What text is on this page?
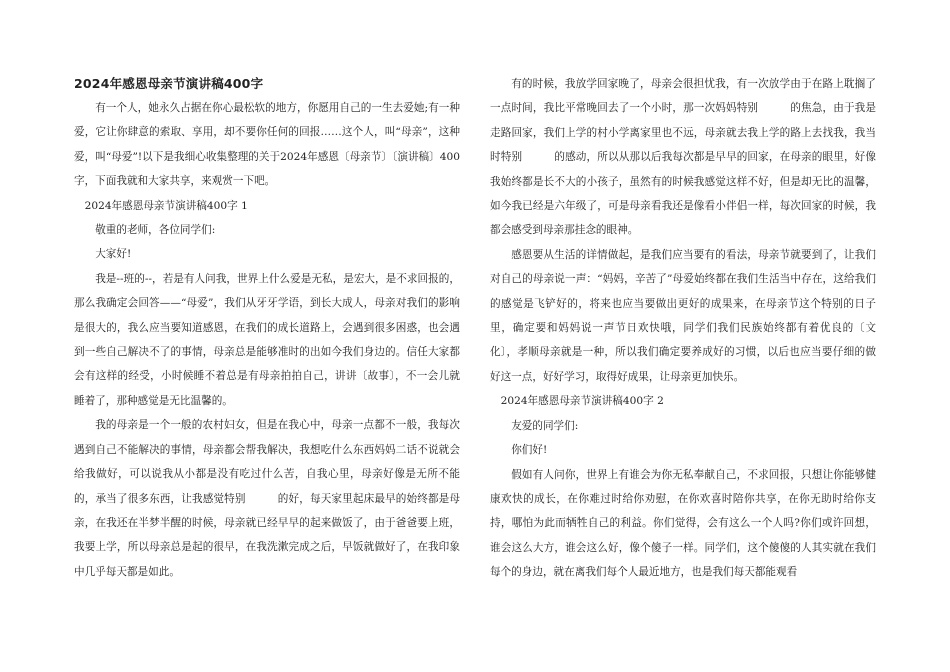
2024年感恩母亲节演讲稿400字

有一个人，她永久占据在你心最松软的地方，你愿用自己的一生去爱她;有一种爱，它让你肆意的索取、享用，却不要你任何的回报……这个人，叫“母亲”，这种爱，叫“母爱”!以下是我细心收集整理的关于2024年感恩〔母亲节〕〔演讲稿〕400字，下面我就和大家共享，来观赏一下吧。

2024年感恩母亲节演讲稿400字 1

敬重的老师，各位同学们:

大家好!

我是--班的--，若是有人问我，世界上什么爱是无私，是宏大，是不求回报的，那么我确定会回答——“母爱”，我们从牙牙学语，到长大成人，母亲对我们的影响是很大的，我么应当要知道感恩，在我们的成长道路上，会遇到很多困惑，也会遇到一些自己解决不了的事情，母亲总是能够准时的出如今我们身边的。信任大家都会有这样的经受，小时候睡不着总是有母亲拍拍自己，讲讲〔故事〕，不一会儿就睡着了，那种感觉是无比温馨的。

我的母亲是一个一般的农村妇女，但是在我心中，母亲一点都不一般，我每次遇到自己不能解决的事情，母亲都会帮我解决，我想吃什么东西妈妈二话不说就会给我做好，可以说我从小都是没有吃过什么苦，自我心里，母亲好像是无所不能的，承当了很多东西，让我感觉特别　　　的好，每天家里起床最早的始终都是母亲，在我还在半梦半醒的时候，母亲就已经早早的起来做饭了，由于爸爸要上班，我要上学，所以母亲总是起的很早，在我洗漱完成之后，早饭就做好了，在我印象中几乎每天都是如此。

有的时候，我放学回家晚了，母亲会很担忧我，有一次放学由于在路上耽搁了一点时间，我比平常晚回去了一个小时，那一次妈妈特别　　　的焦急，由于我是走路回家，我们上学的村小学离家里也不远，母亲就去我上学的路上去找我，我当时特别　　　的感动，所以从那以后我每次都是早早的回家，在母亲的眼里，好像我始终都是长不大的小孩子，虽然有的时候我感觉这样不好，但是却无比的温馨，如今我已经是六年级了，可是母亲看我还是像看小伴侣一样，每次回家的时候，我都会感受到母亲那挂念的眼神。

感恩要从生活的详情做起，是我们应当要有的看法，母亲节就要到了，让我们对自己的母亲说一声：“妈妈，辛苦了”母爱始终都在我们生活当中存在，这给我们的感觉是飞铲好的，将来也应当要做出更好的成果来，在母亲节这个特别的日子里，确定要和妈妈说一声节日欢快哦，同学们我们民族始终都有着优良的〔文化〕，孝顺母亲就是一种，所以我们确定要养成好的习惯，以后也应当要仔细的做好这一点，好好学习，取得好成果，让母亲更加快乐。

2024年感恩母亲节演讲稿400字 2

友爱的同学们:

你们好!

假如有人问你，世界上有谁会为你无私奉献自己，不求回报，只想让你能够健康欢快的成长，在你难过时给你劝慰，在你欢喜时陪你共享，在你无助时给你支持，哪怕为此而牺牲自己的利益。你们觉得，会有这么一个人吗?你们或许回想，谁会这么大方，谁会这么好，像个傻子一样。同学们，这个傻傻的人其实就在我们每个的身边，就在离我们每个人最近地方，也是我们每天都能观看
